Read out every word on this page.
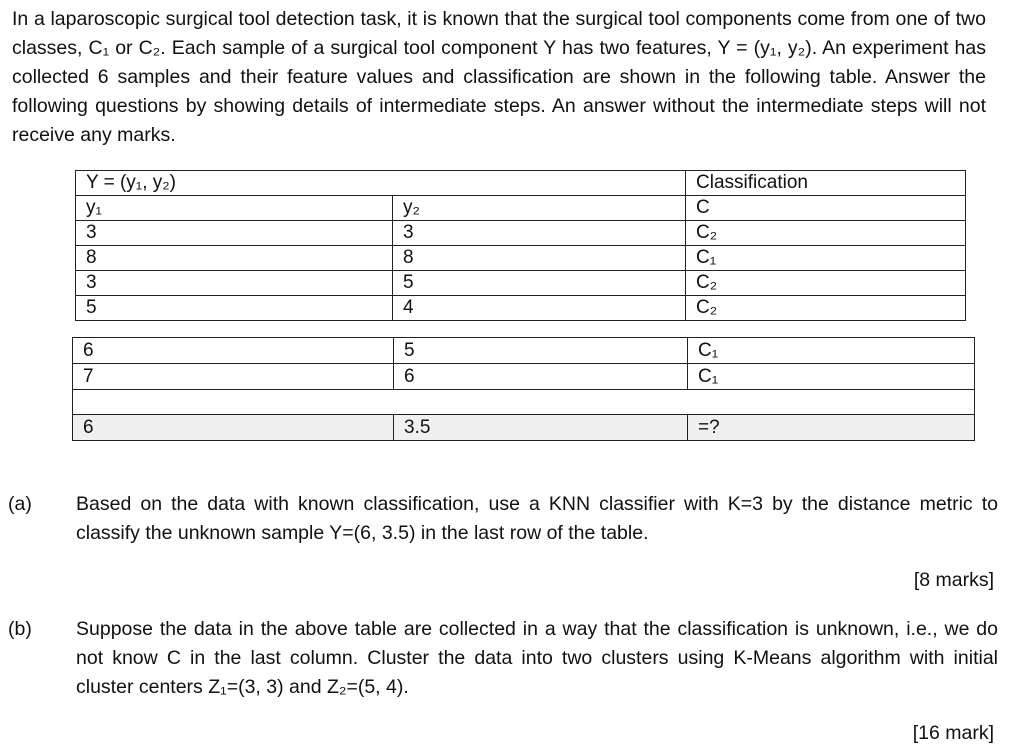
In a laparoscopic surgical tool detection task, it is known that the surgical tool components come from one of two classes, C₁ or C₂. Each sample of a surgical tool component Y has two features, Y = (y₁, y₂). An experiment has collected 6 samples and their feature values and classification are shown in the following table. Answer the following questions by showing details of intermediate steps. An answer without the intermediate steps will not receive any marks.

Y = (y₁, y₂)		Classification
y₁	y₂	C
3	3	C₂
8	8	C₁
3	5	C₂
5	4	C₂
6	5	C₁
7	6	C₁

6	3.5	=?
(a) Based on the data with known classification, use a KNN classifier with K=3 by the distance metric to classify the unknown sample Y=(6, 3.5) in the last row of the table.
[8 marks]
(b) Suppose the data in the above table are collected in a way that the classification is unknown, i.e., we do not know C in the last column. Cluster the data into two clusters using K-Means algorithm with initial cluster centers Z₁=(3, 3) and Z₂=(5, 4).
[16 mark]
